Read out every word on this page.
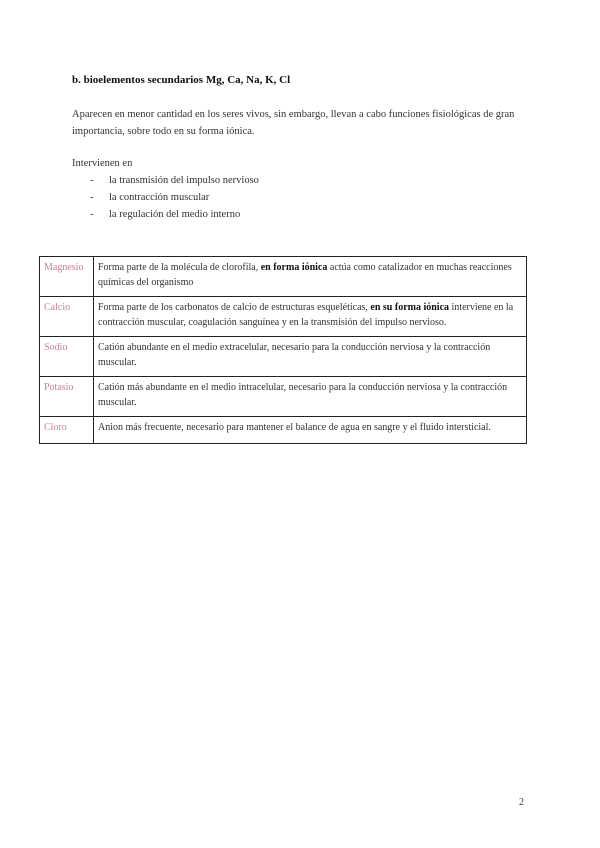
b. bioelementos secundarios Mg, Ca, Na, K, Cl
Aparecen en menor cantidad en los seres vivos, sin embargo, llevan a cabo funciones fisiológicas de gran importancia, sobre todo en su forma iónica.
Intervienen en
- la transmisión del impulso nervioso
- la contracción muscular
- la regulación del medio interno
Magnesio	Forma parte de la molécula de clorofila, en forma iónica actúa como catalizador en muchas reacciones químicas del organismo
Calcio	Forma parte de los carbonatos de calcio de estructuras esqueléticas, en su forma iónica interviene en la contracción muscular, coagulación sanguínea y en la transmisión del impulso nervioso.
Sodio	Catión abundante en el medio extracelular, necesario para la conducción nerviosa y la contracción muscular.
Potasio	Catión más abundante en el medio intracelular, necesario para la conducción nerviosa y la contracción muscular.
Cloro	Anion más frecuente, necesario para mantener el balance de agua en sangre y el fluido intersticial.
2
